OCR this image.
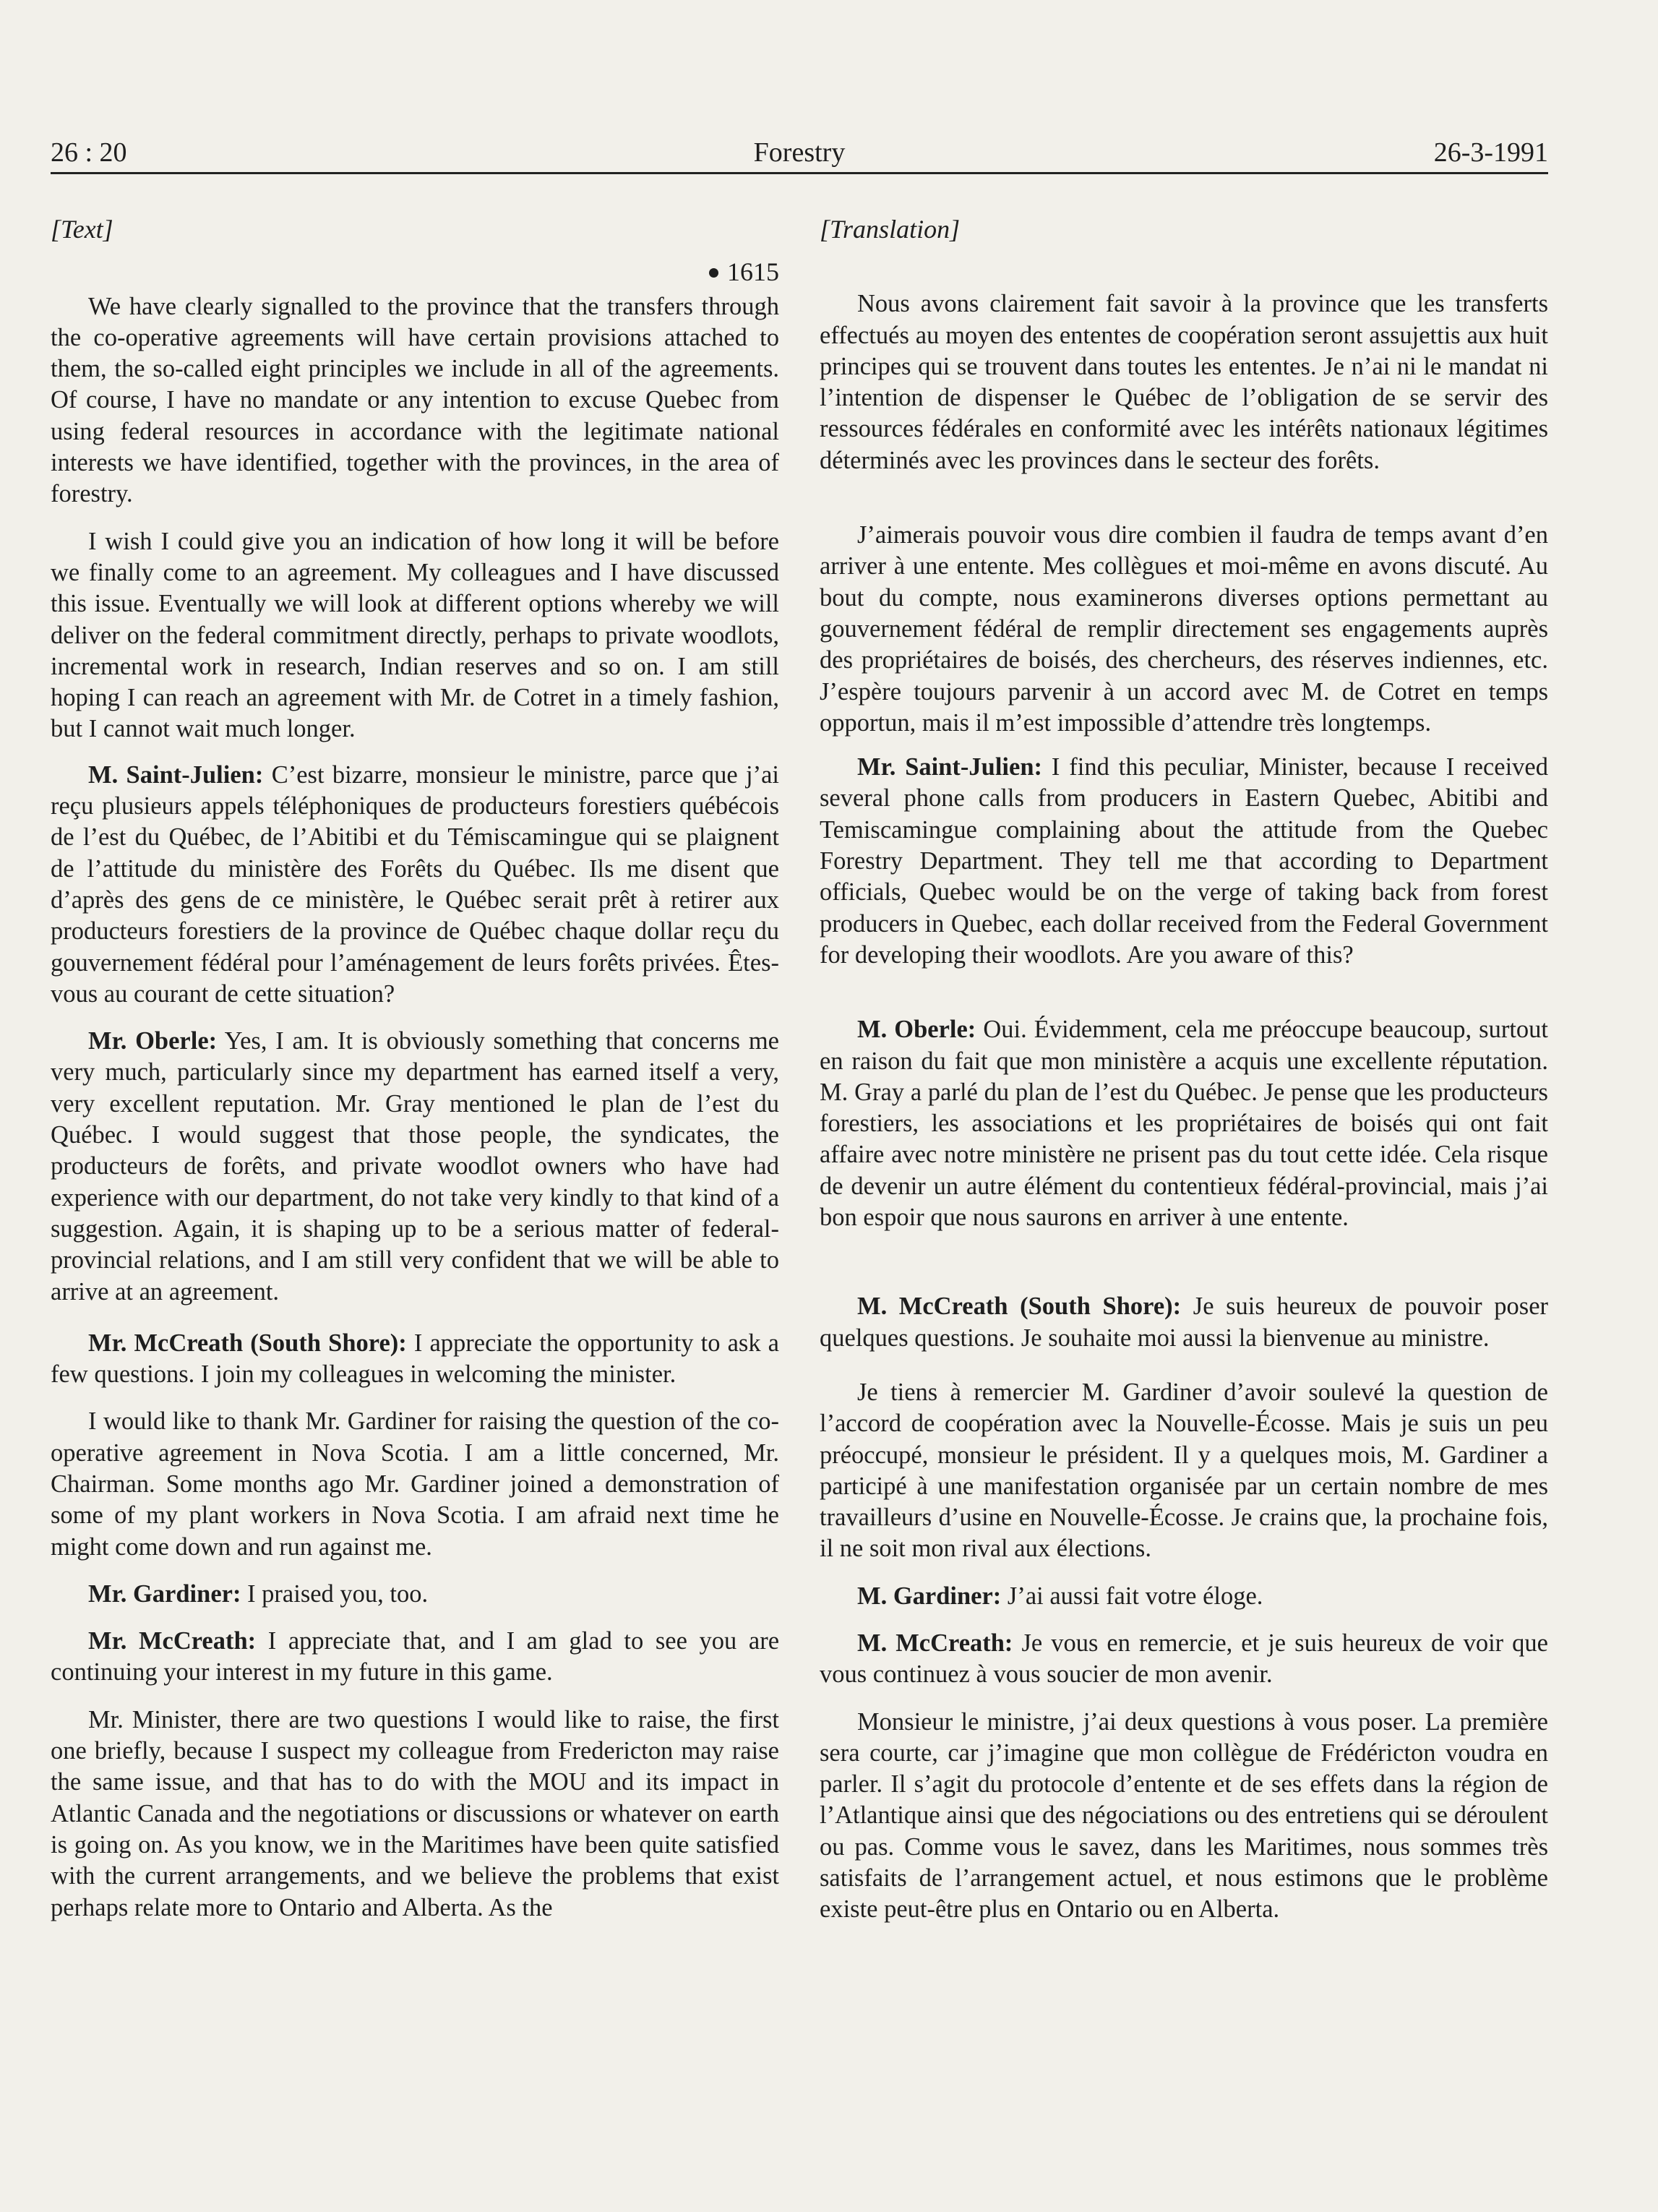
26 : 20	Forestry	26-3-1991
[Text]
1615

We have clearly signalled to the province that the transfers through the co-operative agreements will have certain provisions attached to them, the so-called eight principles we include in all of the agreements. Of course, I have no mandate or any intention to excuse Quebec from using federal resources in accordance with the legitimate national interests we have identified, together with the provinces, in the area of forestry.

I wish I could give you an indication of how long it will be before we finally come to an agreement. My colleagues and I have discussed this issue. Eventually we will look at different options whereby we will deliver on the federal commitment directly, perhaps to private woodlots, incremental work in research, Indian reserves and so on. I am still hoping I can reach an agreement with Mr. de Cotret in a timely fashion, but I cannot wait much longer.

M. Saint-Julien: C’est bizarre, monsieur le ministre, parce que j’ai reçu plusieurs appels téléphoniques de producteurs forestiers québécois de l’est du Québec, de l’Abitibi et du Témiscamingue qui se plaignent de l’attitude du ministère des Forêts du Québec. Ils me disent que d’après des gens de ce ministère, le Québec serait prêt à retirer aux producteurs forestiers de la province de Québec chaque dollar reçu du gouvernement fédéral pour l’aménagement de leurs forêts privées. Êtes-vous au courant de cette situation?

Mr. Oberle: Yes, I am. It is obviously something that concerns me very much, particularly since my department has earned itself a very, very excellent reputation. Mr. Gray mentioned le plan de l’est du Québec. I would suggest that those people, the syndicates, the producteurs de forêts, and private woodlot owners who have had experience with our department, do not take very kindly to that kind of a suggestion. Again, it is shaping up to be a serious matter of federal-provincial relations, and I am still very confident that we will be able to arrive at an agreement.

Mr. McCreath (South Shore): I appreciate the opportunity to ask a few questions. I join my colleagues in welcoming the minister.

I would like to thank Mr. Gardiner for raising the question of the co-operative agreement in Nova Scotia. I am a little concerned, Mr. Chairman. Some months ago Mr. Gardiner joined a demonstration of some of my plant workers in Nova Scotia. I am afraid next time he might come down and run against me.

Mr. Gardiner: I praised you, too.

Mr. McCreath: I appreciate that, and I am glad to see you are continuing your interest in my future in this game.

Mr. Minister, there are two questions I would like to raise, the first one briefly, because I suspect my colleague from Fredericton may raise the same issue, and that has to do with the MOU and its impact in Atlantic Canada and the negotiations or discussions or whatever on earth is going on. As you know, we in the Maritimes have been quite satisfied with the current arrangements, and we believe the problems that exist perhaps relate more to Ontario and Alberta. As the

[Translation]

Nous avons clairement fait savoir à la province que les transferts effectués au moyen des ententes de coopération seront assujettis aux huit principes qui se trouvent dans toutes les ententes. Je n’ai ni le mandat ni l’intention de dispenser le Québec de l’obligation de se servir des ressources fédérales en conformité avec les intérêts nationaux légitimes déterminés avec les provinces dans le secteur des forêts.

J’aimerais pouvoir vous dire combien il faudra de temps avant d’en arriver à une entente. Mes collègues et moi-même en avons discuté. Au bout du compte, nous examinerons diverses options permettant au gouvernement fédéral de remplir directement ses engagements auprès des propriétaires de boisés, des chercheurs, des réserves indiennes, etc. J’espère toujours parvenir à un accord avec M. de Cotret en temps opportun, mais il m’est impossible d’attendre très longtemps.

Mr. Saint-Julien: I find this peculiar, Minister, because I received several phone calls from producers in Eastern Quebec, Abitibi and Temiscamingue complaining about the attitude from the Quebec Forestry Department. They tell me that according to Department officials, Quebec would be on the verge of taking back from forest producers in Quebec, each dollar received from the Federal Government for developing their woodlots. Are you aware of this?

M. Oberle: Oui. Évidemment, cela me préoccupe beaucoup, surtout en raison du fait que mon ministère a acquis une excellente réputation. M. Gray a parlé du plan de l’est du Québec. Je pense que les producteurs forestiers, les associations et les propriétaires de boisés qui ont fait affaire avec notre ministère ne prisent pas du tout cette idée. Cela risque de devenir un autre élément du contentieux fédéral-provincial, mais j’ai bon espoir que nous saurons en arriver à une entente.

M. McCreath (South Shore): Je suis heureux de pouvoir poser quelques questions. Je souhaite moi aussi la bienvenue au ministre.

Je tiens à remercier M. Gardiner d’avoir soulevé la question de l’accord de coopération avec la Nouvelle-Écosse. Mais je suis un peu préoccupé, monsieur le président. Il y a quelques mois, M. Gardiner a participé à une manifestation organisée par un certain nombre de mes travailleurs d’usine en Nouvelle-Écosse. Je crains que, la prochaine fois, il ne soit mon rival aux élections.

M. Gardiner: J’ai aussi fait votre éloge.

M. McCreath: Je vous en remercie, et je suis heureux de voir que vous continuez à vous soucier de mon avenir.

Monsieur le ministre, j’ai deux questions à vous poser. La première sera courte, car j’imagine que mon collègue de Frédéricton voudra en parler. Il s’agit du protocole d’entente et de ses effets dans la région de l’Atlantique ainsi que des négociations ou des entretiens qui se déroulent ou pas. Comme vous le savez, dans les Maritimes, nous sommes très satisfaits de l’arrangement actuel, et nous estimons que le problème existe peut-être plus en Ontario ou en Alberta.
